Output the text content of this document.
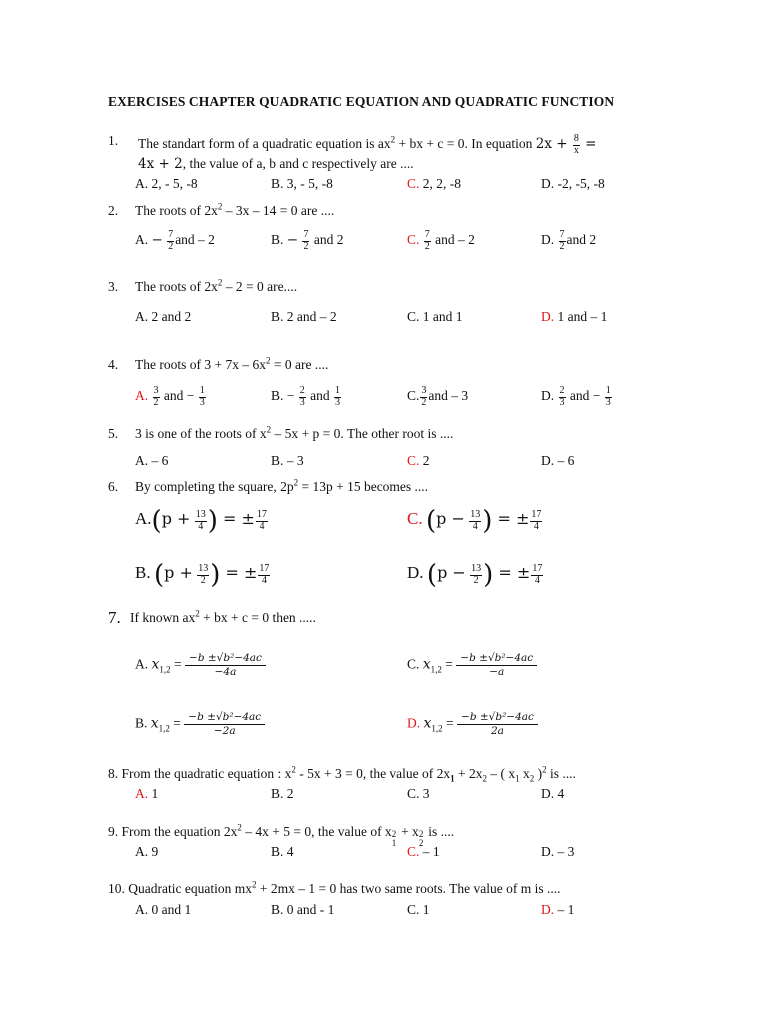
EXERCISES CHAPTER QUADRATIC EQUATION AND QUADRATIC FUNCTION
1. The standart form of a quadratic equation is $ax^2$ + bx + c = 0. In equation $2x + \frac{8}{x}$ =
4x + 2, the value of a, b and c respectively are ....
A. 2, - 5, -8	B. 3, - 5, -8	C. 2, 2, -8	D. -2, -5, -8
2. The roots of $2x^2 - 3x - 14 = 0$ are ....
A. − $\frac{7}{2}$ and – 2	B. − $\frac{7}{2}$ and 2	C. $\frac{7}{2}$ and – 2	D. $\frac{7}{2}$ and 2
3. The roots of $2x^2 - 2 = 0$ are....
A. 2 and 2	B. 2 and – 2	C. 1 and 1	D. 1 and – 1
4. The roots of $3 + 7x - 6x^2 = 0$ are ....
A. $\frac{3}{2}$ and − $\frac{1}{3}$	B. − $\frac{2}{3}$ and $\frac{1}{3}$	C. $\frac{3}{2}$ and – 3	D. $\frac{2}{3}$ and − $\frac{1}{3}$
5. 3 is one of the roots of $x^2 - 5x + p = 0$. The other root is ....
A. – 6	B. – 3	C. 2	D. – 6
6. By completing the square, $2p^2 = 13p + 15$ becomes ....
$A.(p + \frac{13}{4}$ ) = ± $\frac{17}{4}$	C. ($p - \frac{13}{4}$ ) = ± $\frac{17}{4}$
B. ($p + \frac{13}{2}$ ) = ± $\frac{17}{4}$	D. ($p - \frac{13}{2}$ ) = ± $\frac{17}{4}$
7. If known $ax^2$ + bx + c = 0 then .....
A. $x_{1,2} = \frac{\text{−b ±√b²−4ac}}{-4a}$	C. $x_{1,2} = \frac{\text{−b ±√b²−4ac}}{-a}$
B. $x_{1,2} = \frac{\text{−b ±√b²−4ac}}{-2a}$	D. $x_{1,2} = \frac{\text{−b ±√b²−4ac}}{2a}$
8. From the quadratic equation : $x^2 - 5x + 3 = 0$, the value of $2x_1 + 2x_2$ – ( $x_1$ $x_2$ )$^2$ is ....
A. 1	B. 2	C. 3	D. 4
9. From the equation $2x^2 - 4x + 5 = 0$, the value of x 2
1
+ x 2
2
is ....
A. 9	B. 4	C. – 1	D. – 3
10. Quadratic equation $mx^2 + 2mx - 1 = 0$ has two same roots. The value of m is ....
A. 0 and 1	B. 0 and - 1	C. 1	D. – 1
